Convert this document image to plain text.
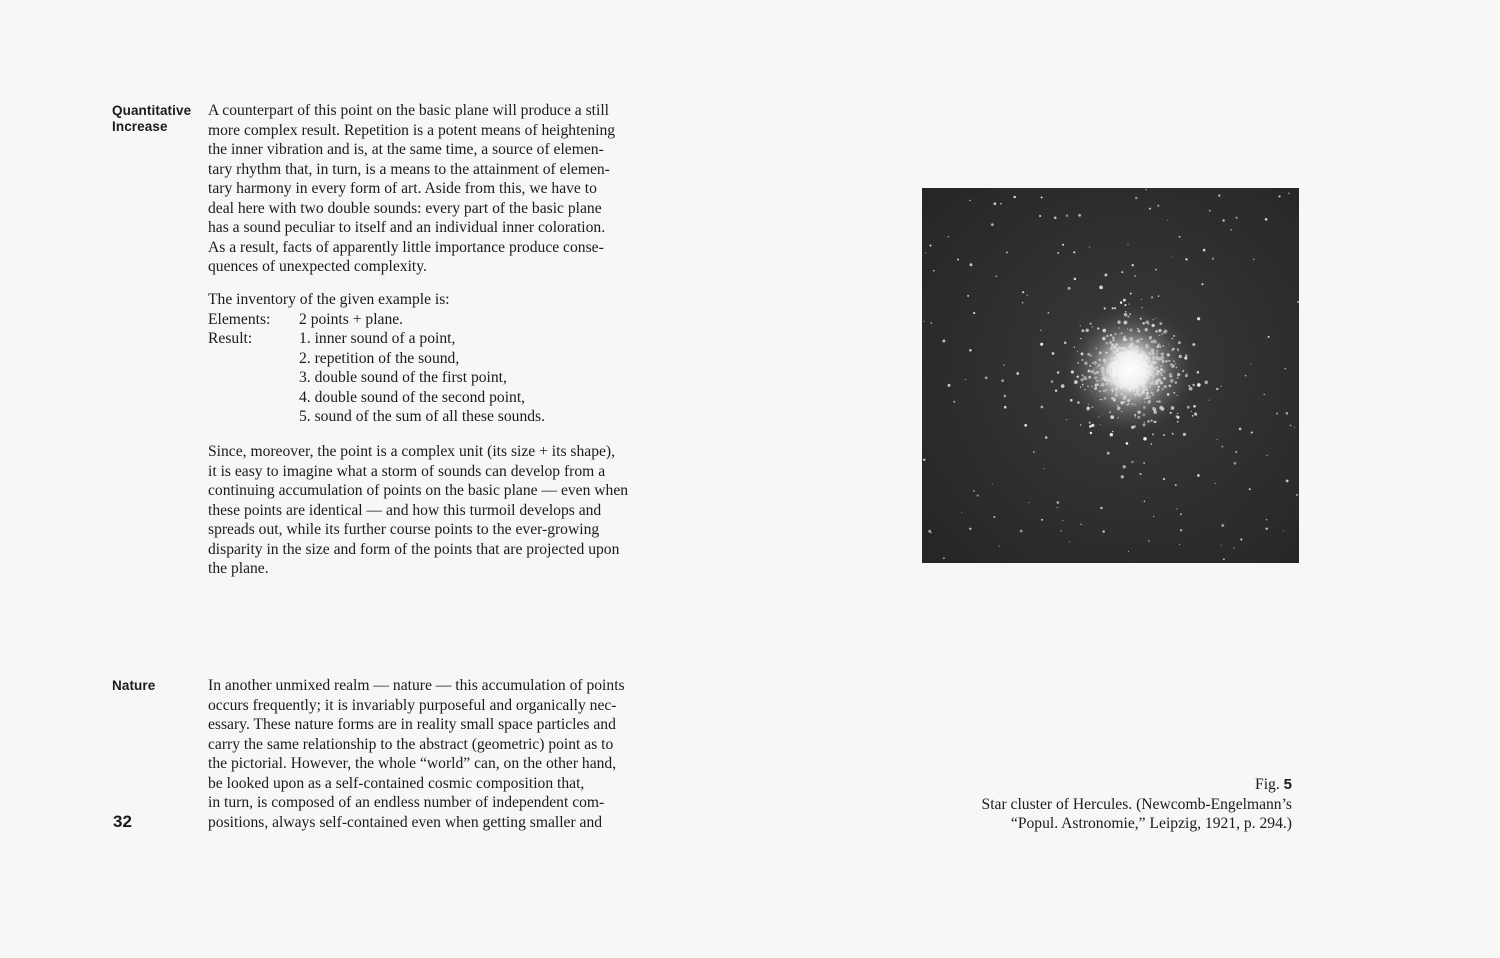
Quantitative
Increase
A counterpart of this point on the basic plane will produce a still
more complex result. Repetition is a potent means of heightening
the inner vibration and is, at the same time, a source of elemen-
tary rhythm that, in turn, is a means to the attainment of elemen-
tary harmony in every form of art. Aside from this, we have to
deal here with two double sounds: every part of the basic plane
has a sound peculiar to itself and an individual inner coloration.
As a result, facts of apparently little importance produce conse-
quences of unexpected complexity.
The inventory of the given example is:
Elements:	2 points + plane.
Result:	1. inner sound of a point,
2. repetition of the sound,
3. double sound of the first point,
4. double sound of the second point,
5. sound of the sum of all these sounds.
Since, moreover, the point is a complex unit (its size + its shape),
it is easy to imagine what a storm of sounds can develop from a
continuing accumulation of points on the basic plane — even when
these points are identical — and how this turmoil develops and
spreads out, while its further course points to the ever-growing
disparity in the size and form of the points that are projected upon
the plane.
Nature	In another unmixed realm — nature — this accumulation of points
occurs frequently; it is invariably purposeful and organically nec-
essary. These nature forms are in reality small space particles and
carry the same relationship to the abstract (geometric) point as to
the pictorial. However, the whole “world” can, on the other hand,
be looked upon as a self-contained cosmic composition that,
in turn, is composed of an endless number of independent com-
positions, always self-contained even when getting smaller and
32
Fig. 5
Star cluster of Hercules. (Newcomb-Engelmann’s
“Popul. Astronomie,” Leipzig, 1921, p. 294.)
